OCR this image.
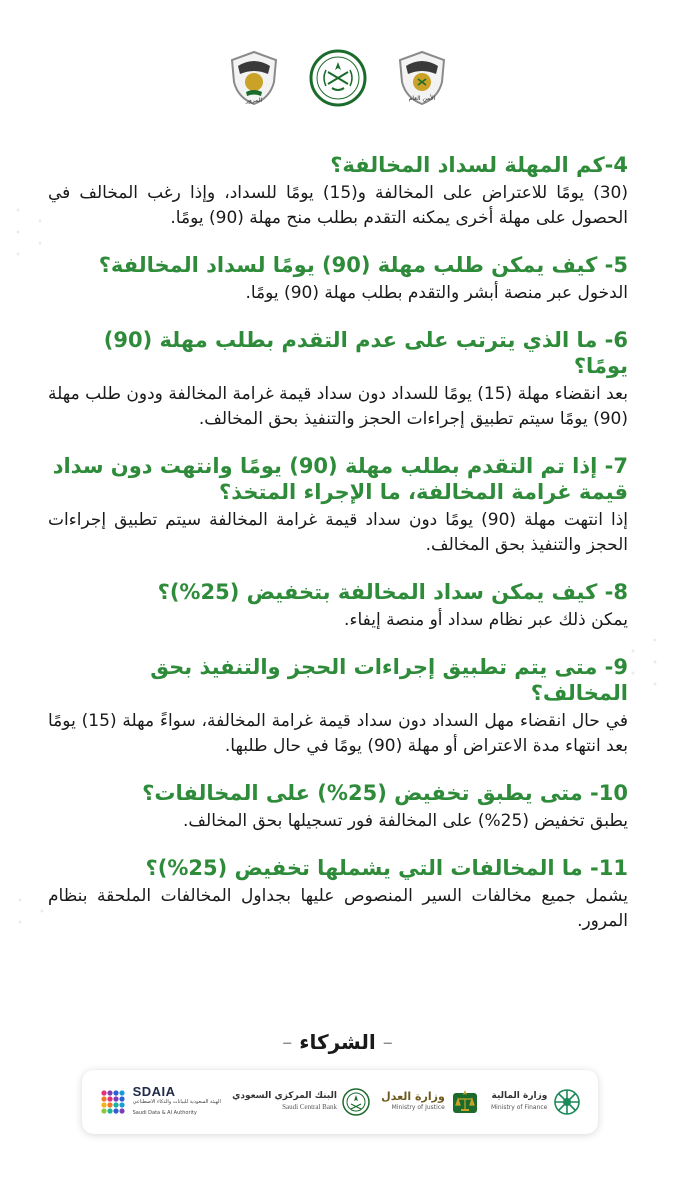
المرور	الأمن العام

4-كم المهلة لسداد المخالفة؟

(30) يومًا للاعتراض على المخالفة و(15) يومًا للسداد، وإذا رغب المخالف في الحصول على مهلة أخرى يمكنه التقدم بطلب منح مهلة (90) يومًا.

5- كيف يمكن طلب مهلة (90) يومًا لسداد المخالفة؟

الدخول عبر منصة أبشر والتقدم بطلب مهلة (90) يومًا.

6- ما الذي يترتب على عدم التقدم بطلب مهلة (90) يومًا؟

بعد انقضاء مهلة (15) يومًا للسداد دون سداد قيمة غرامة المخالفة ودون طلب مهلة (90) يومًا سيتم تطبيق إجراءات الحجز والتنفيذ بحق المخالف.

7- إذا تم التقدم بطلب مهلة (90) يومًا وانتهت دون سداد قيمة غرامة المخالفة، ما الإجراء المتخذ؟

إذا انتهت مهلة (90) يومًا دون سداد قيمة غرامة المخالفة سيتم تطبيق إجراءات الحجز والتنفيذ بحق المخالف.

8- كيف يمكن سداد المخالفة بتخفيض (25%)؟

يمكن ذلك عبر نظام سداد أو منصة إيفاء.

9- متى يتم تطبيق إجراءات الحجز والتنفيذ بحق المخالف؟

في حال انقضاء مهل السداد دون سداد قيمة غرامة المخالفة، سواءً مهلة (15) يومًا بعد انتهاء مدة الاعتراض أو مهلة (90) يومًا في حال طلبها.

10- متى يطبق تخفيض (25%) على المخالفات؟

يطبق تخفيض (25%) على المخالفة فور تسجيلها بحق المخالف.

11- ما المخالفات التي يشملها تخفيض (25%)؟

يشمل جميع مخالفات السير المنصوص عليها بجداول المخالفات الملحقة بنظام المرور.

– الشركاء –
SDAIA
الهيئة السعودية للبيانات والذكاء الاصطناعي
Saudi Data & AI Authority
البنك المركزي السعودي
Saudi Central Bank
وزارة العدل
Ministry of Justice
وزارة المالية
Ministry of Finance
